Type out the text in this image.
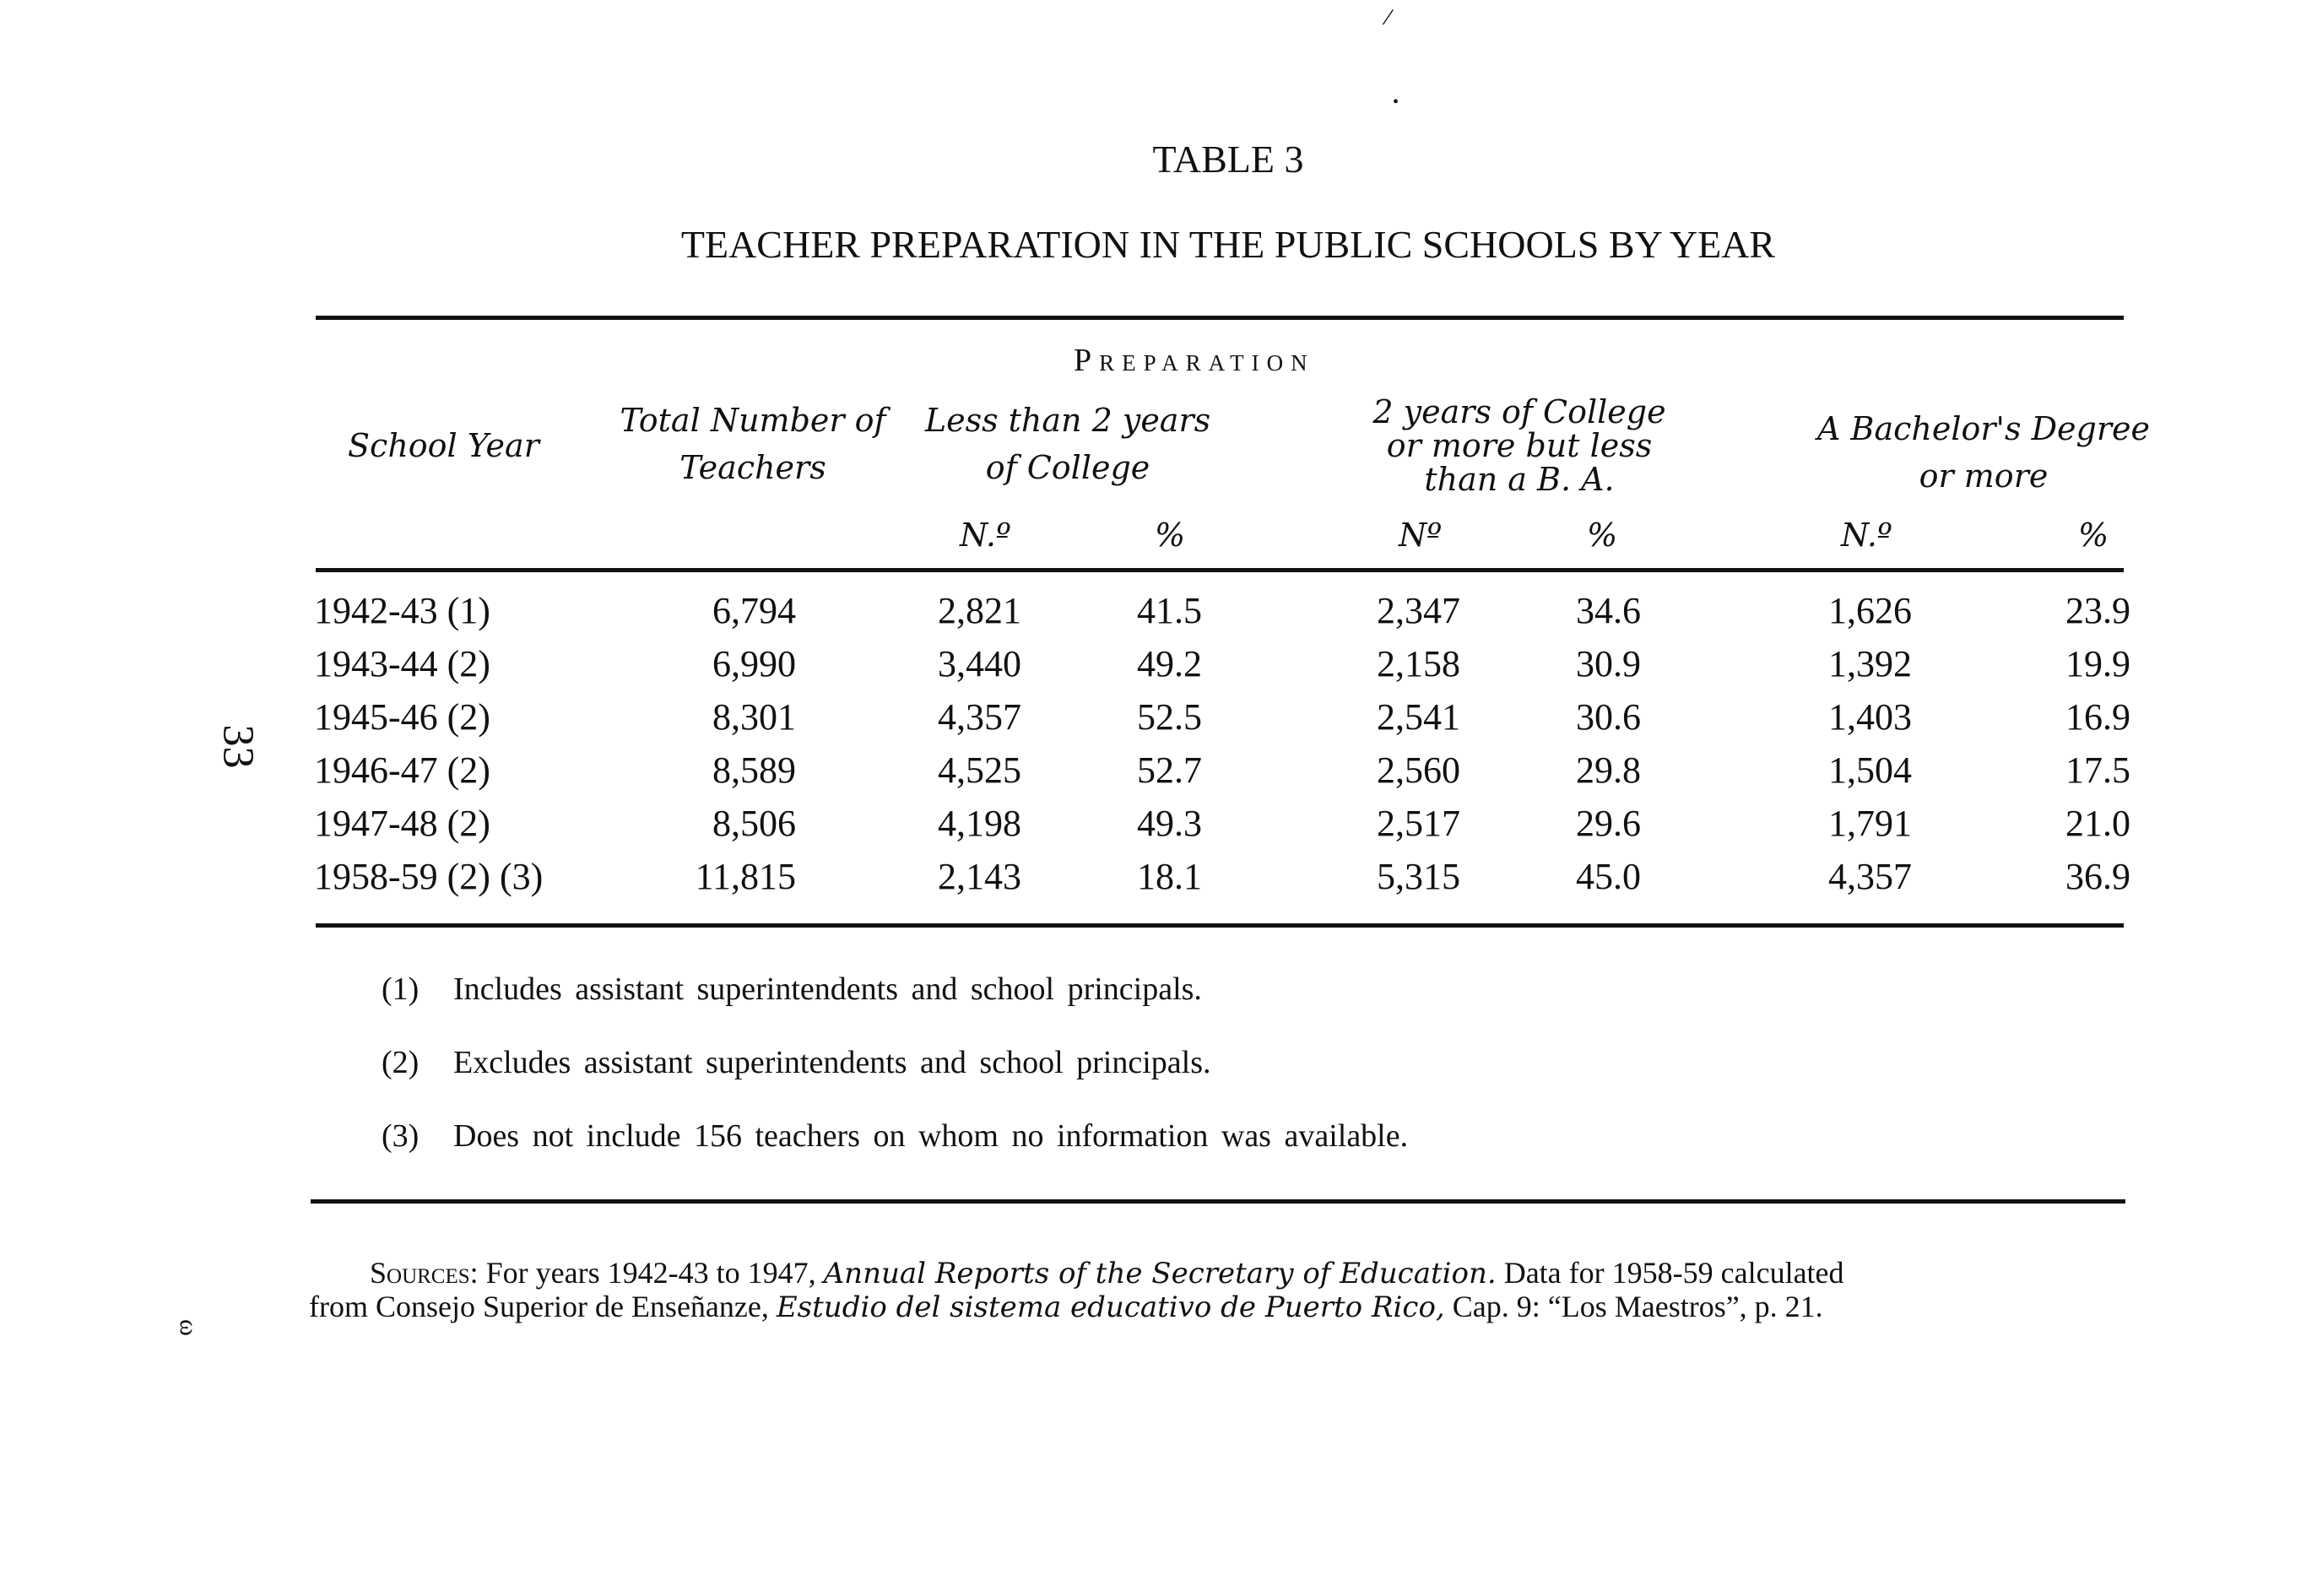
/
•
33
ω
TABLE 3
TEACHER PREPARATION IN THE PUBLIC SCHOOLS BY YEAR
Preparation
School Year
Total Number of
Teachers
Less than 2 years
of College
2 years of College
or more but less
than a B. A.
A Bachelor's Degree
or more
N.º	%	Nº	%	N.º	%
1942-43 (1)	6,794	2,821	41.5	2,347	34.6	1,626	23.9
1943-44 (2)	6,990	3,440	49.2	2,158	30.9	1,392	19.9
1945-46 (2)	8,301	4,357	52.5	2,541	30.6	1,403	16.9
1946-47 (2)	8,589	4,525	52.7	2,560	29.8	1,504	17.5
1947-48 (2)	8,506	4,198	49.3	2,517	29.6	1,791	21.0
1958-59 (2) (3)	11,815	2,143	18.1	5,315	45.0	4,357	36.9
(1) Includes assistant superintendents and school principals.
(2) Excludes assistant superintendents and school principals.
(3) Does not include 156 teachers on whom no information was available.
Sources: For years 1942-43 to 1947, Annual Reports of the Secretary of Education. Data for 1958-59 calculated
from Consejo Superior de Enseñanze, Estudio del sistema educativo de Puerto Rico, Cap. 9: “Los Maestros”, p. 21.
